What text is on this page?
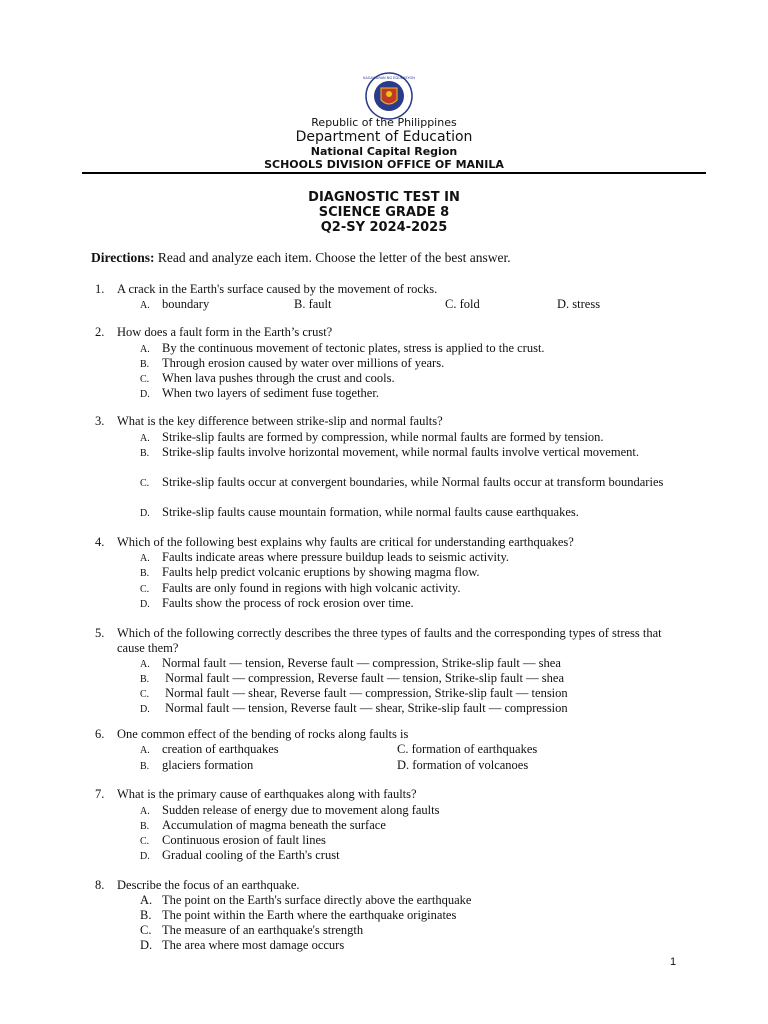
KAGAWARAN NG EDUKASYON
Republic of the Philippines
Department of Education
National Capital Region
SCHOOLS DIVISION OFFICE OF MANILA
DIAGNOSTIC TEST IN
SCIENCE GRADE 8
Q2-SY 2024-2025
Directions: Read and analyze each item. Choose the letter of the best answer.
1.	A crack in the Earth's surface caused by the movement of rocks.
A. boundary	B. fault	C. fold	D. stress
2.	How does a fault form in the Earth’s crust?
A. By the continuous movement of tectonic plates, stress is applied to the crust.
B. Through erosion caused by water over millions of years.
C. When lava pushes through the crust and cools.
D. When two layers of sediment fuse together.
3.	What is the key difference between strike-slip and normal faults?
A. Strike-slip faults are formed by compression, while normal faults are formed by tension.
B. Strike-slip faults involve horizontal movement, while normal faults involve vertical movement.
C. Strike-slip faults occur at convergent boundaries, while Normal faults occur at transform boundaries
D. Strike-slip faults cause mountain formation, while normal faults cause earthquakes.
4.	Which of the following best explains why faults are critical for understanding earthquakes?
A. Faults indicate areas where pressure buildup leads to seismic activity.
B. Faults help predict volcanic eruptions by showing magma flow.
C. Faults are only found in regions with high volcanic activity.
D. Faults show the process of rock erosion over time.
5.	Which of the following correctly describes the three types of faults and the corresponding types of stress that cause them?
A. Normal fault — tension, Reverse fault — compression, Strike-slip fault — shea
B. Normal fault — compression, Reverse fault — tension, Strike-slip fault — shea
C. Normal fault — shear, Reverse fault — compression, Strike-slip fault — tension
D. Normal fault — tension, Reverse fault — shear, Strike-slip fault — compression
6.	One common effect of the bending of rocks along faults is
A. creation of earthquakes	C. formation of earthquakes
B. glaciers formation	D. formation of volcanoes
7.	What is the primary cause of earthquakes along with faults?
A. Sudden release of energy due to movement along faults
B. Accumulation of magma beneath the surface
C. Continuous erosion of fault lines
D. Gradual cooling of the Earth's crust
8.	Describe the focus of an earthquake.
A. The point on the Earth's surface directly above the earthquake
B. The point within the Earth where the earthquake originates
C. The measure of an earthquake's strength
D. The area where most damage occurs
1
